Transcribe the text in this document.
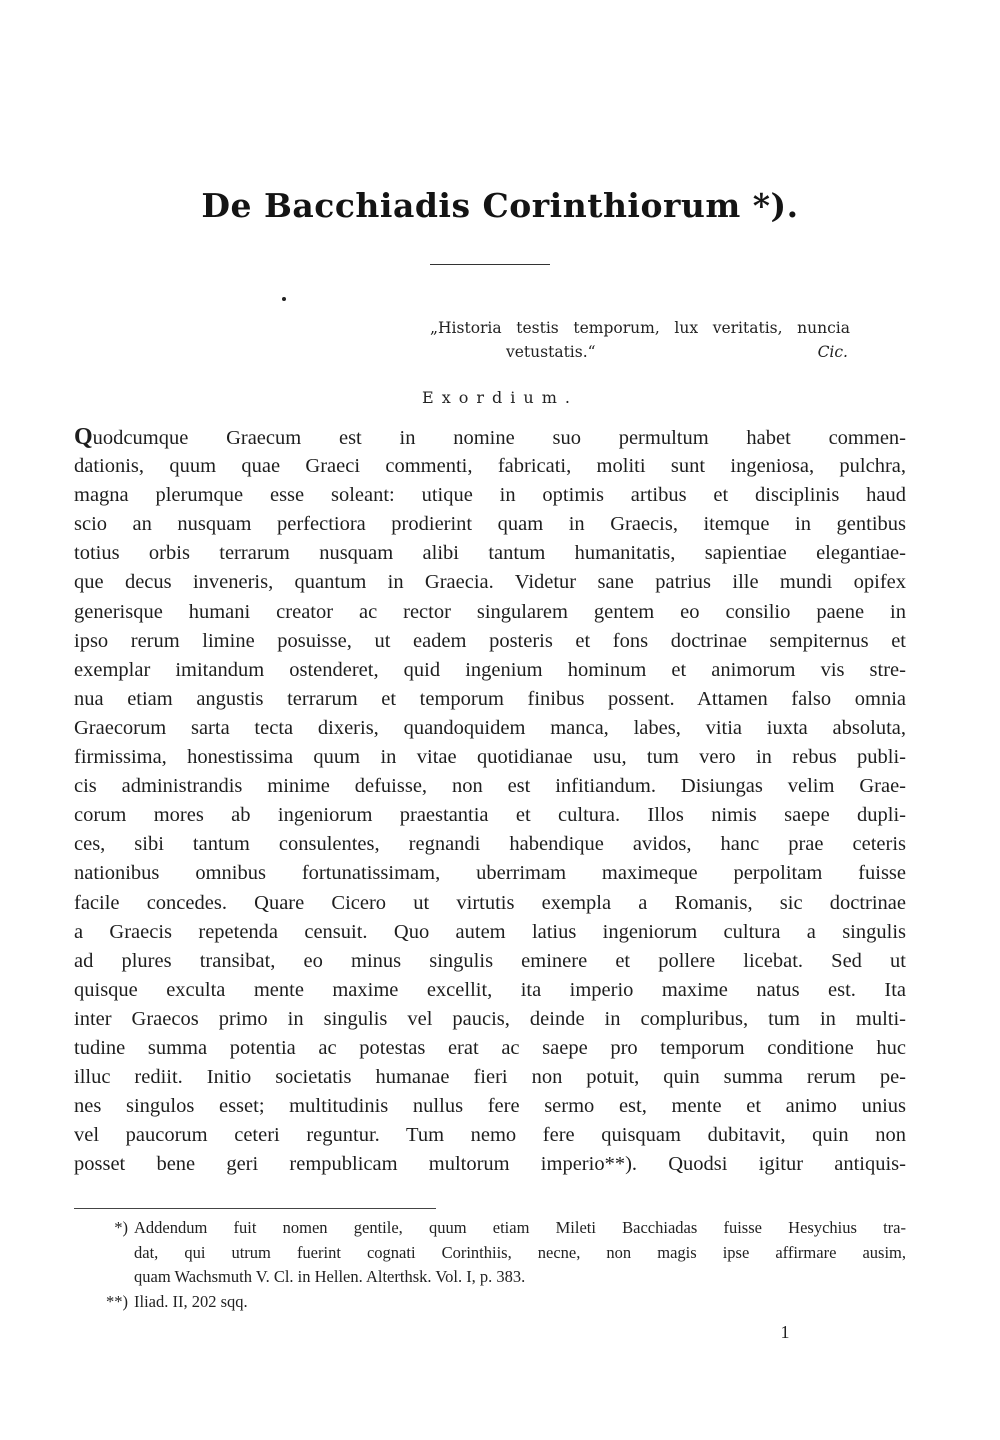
De Bacchiadis Corinthiorum *).
„Historia testis temporum, lux veritatis, nuncia
vetustatis.“	Cic.
Exordium.
Quodcumque Graecum est in nomine suo permultum habet commen-
dationis, quum quae Graeci commenti, fabricati, moliti sunt ingeniosa, pulchra,
magna plerumque esse soleant: utique in optimis artibus et disciplinis haud
scio an nusquam perfectiora prodierint quam in Graecis, itemque in gentibus
totius orbis terrarum nusquam alibi tantum humanitatis, sapientiae elegantiae-
que decus inveneris, quantum in Graecia. Videtur sane patrius ille mundi opifex
generisque humani creator ac rector singularem gentem eo consilio paene in
ipso rerum limine posuisse, ut eadem posteris et fons doctrinae sempiternus et
exemplar imitandum ostenderet, quid ingenium hominum et animorum vis stre-
nua etiam angustis terrarum et temporum finibus possent. Attamen falso omnia
Graecorum sarta tecta dixeris, quandoquidem manca, labes, vitia iuxta absoluta,
firmissima, honestissima quum in vitae quotidianae usu, tum vero in rebus publi-
cis administrandis minime defuisse, non est infitiandum. Disiungas velim Grae-
corum mores ab ingeniorum praestantia et cultura. Illos nimis saepe dupli-
ces, sibi tantum consulentes, regnandi habendique avidos, hanc prae ceteris
nationibus omnibus fortunatissimam, uberrimam maximeque perpolitam fuisse
facile concedes. Quare Cicero ut virtutis exempla a Romanis, sic doctrinae
a Graecis repetenda censuit. Quo autem latius ingeniorum cultura a singulis
ad plures transibat, eo minus singulis eminere et pollere licebat. Sed ut
quisque exculta mente maxime excellit, ita imperio maxime natus est. Ita
inter Graecos primo in singulis vel paucis, deinde in compluribus, tum in multi-
tudine summa potentia ac potestas erat ac saepe pro temporum conditione huc
illuc rediit. Initio societatis humanae fieri non potuit, quin summa rerum pe-
nes singulos esset; multitudinis nullus fere sermo est, mente et animo unius
vel paucorum ceteri reguntur. Tum nemo fere quisquam dubitavit, quin non
posset bene geri rempublicam multorum imperio**). Quodsi igitur antiquis-
*) Addendum fuit nomen gentile, quum etiam Mileti Bacchiadas fuisse Hesychius tra-
dat, qui utrum fuerint cognati Corinthiis, necne, non magis ipse affirmare ausim,
quam Wachsmuth V. Cl. in Hellen. Alterthsk. Vol. I, p. 383.
**) Iliad. II, 202 sqq.
1
